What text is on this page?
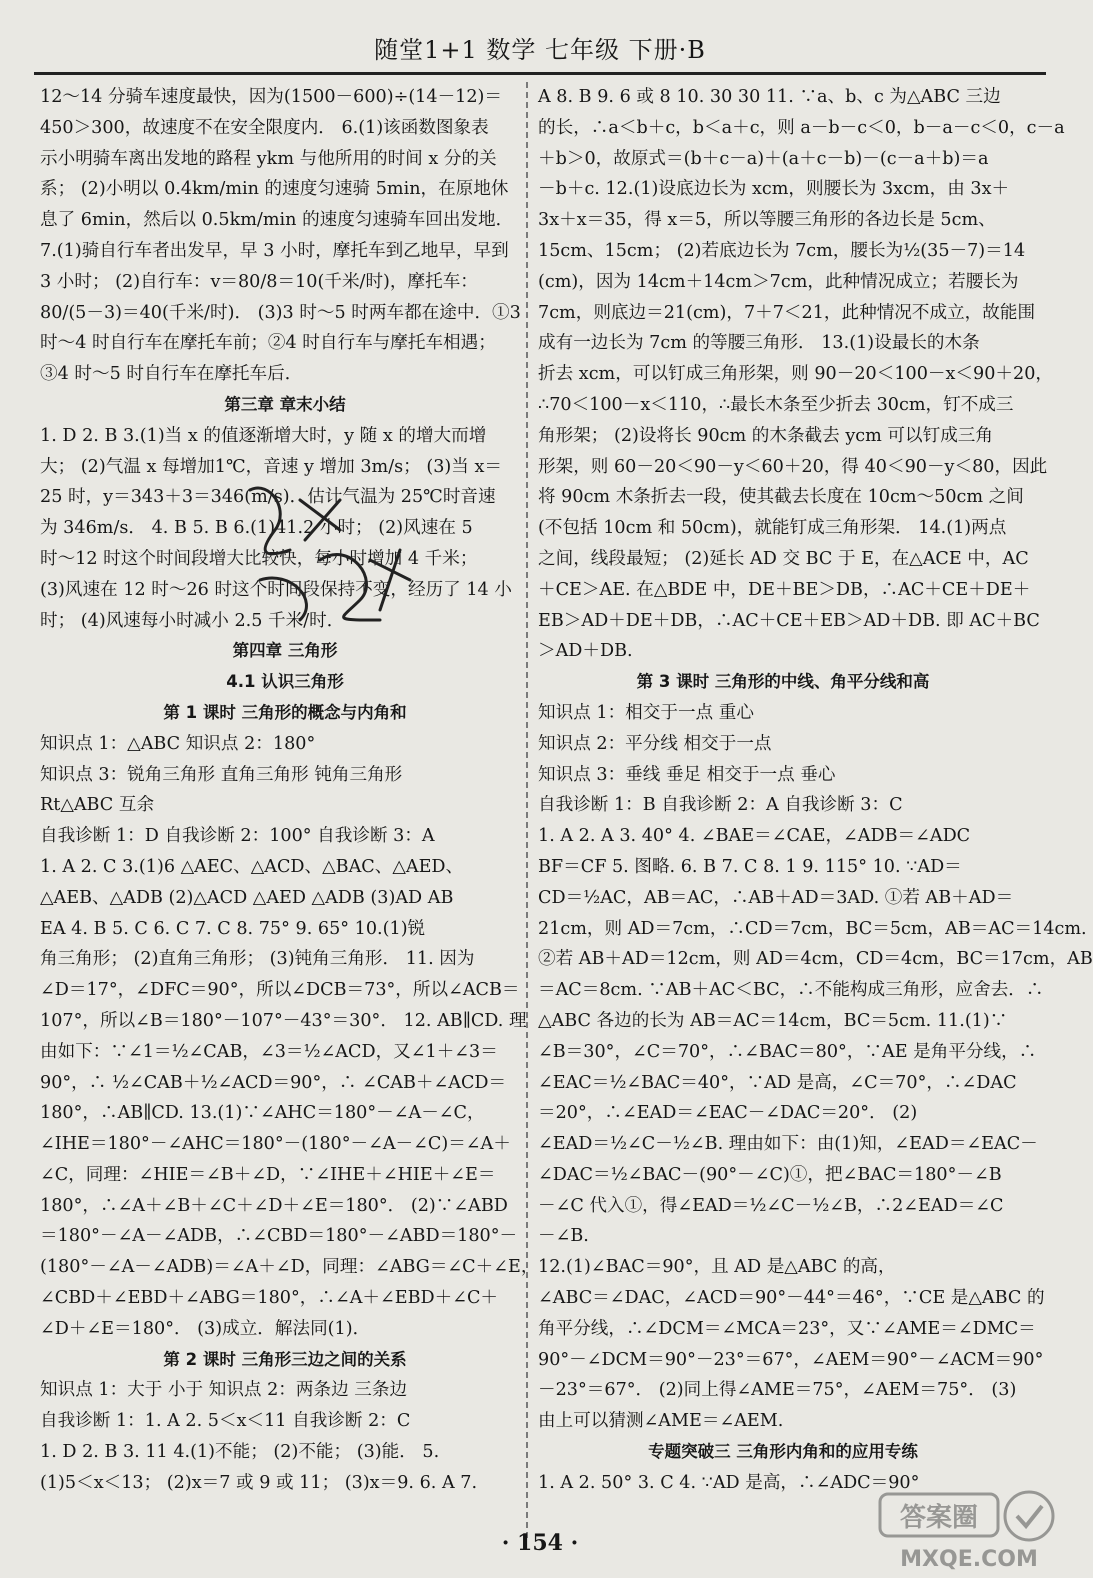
随堂1+1 数学 七年级 下册·B
12～14 分骑车速度最快，因为(1500－600)÷(14－12)＝
450＞300，故速度不在安全限度内． 6.(1)该函数图象表
示小明骑车离出发地的路程 ykm 与他所用的时间 x 分的关
系； (2)小明以 0.4km/min 的速度匀速骑 5min，在原地休
息了 6min，然后以 0.5km/min 的速度匀速骑车回出发地．
7.(1)骑自行车者出发早，早 3 小时，摩托车到乙地早，早到
3 小时； (2)自行车：v＝80/8＝10(千米/时)，摩托车：
80/(5－3)＝40(千米/时)． (3)3 时～5 时两车都在途中．①3
时～4 时自行车在摩托车前；②4 时自行车与摩托车相遇；
③4 时～5 时自行车在摩托车后．
第三章 章末小结
1. D 2. B 3.(1)当 x 的值逐渐增大时，y 随 x 的增大而增
大； (2)气温 x 每增加1℃，音速 y 增加 3m/s； (3)当 x＝
25 时，y＝343＋3＝346(m/s)．估计气温为 25℃时音速
为 346m/s． 4. B 5. B 6.(1)41.2 小时； (2)风速在 5
时～12 时这个时间段增大比较快，每小时增加 4 千米；
(3)风速在 12 时～26 时这个时间段保持不变，经历了 14 小
时； (4)风速每小时减小 2.5 千米/时．
第四章 三角形
4.1 认识三角形
第 1 课时 三角形的概念与内角和
知识点 1：△ABC 知识点 2：180°
知识点 3：锐角三角形 直角三角形 钝角三角形
Rt△ABC 互余
自我诊断 1：D 自我诊断 2：100° 自我诊断 3：A
1. A 2. C 3.(1)6 △AEC、△ACD、△BAC、△AED、
△AEB、△ADB (2)△ACD △AED △ADB (3)AD AB
EA 4. B 5. C 6. C 7. C 8. 75° 9. 65° 10.(1)锐
角三角形； (2)直角三角形； (3)钝角三角形． 11. 因为
∠D＝17°，∠DFC＝90°，所以∠DCB＝73°，所以∠ACB＝
107°，所以∠B＝180°－107°－43°＝30°． 12. AB∥CD. 理
由如下：∵∠1＝½∠CAB，∠3＝½∠ACD，又∠1＋∠3＝
90°，∴ ½∠CAB＋½∠ACD＝90°，∴ ∠CAB＋∠ACD＝
180°，∴AB∥CD. 13.(1)∵∠AHC＝180°－∠A－∠C，
∠IHE＝180°－∠AHC＝180°－(180°－∠A－∠C)＝∠A＋
∠C，同理：∠HIE＝∠B＋∠D，∵∠IHE＋∠HIE＋∠E＝
180°，∴∠A＋∠B＋∠C＋∠D＋∠E＝180°． (2)∵∠ABD
＝180°－∠A－∠ADB，∴∠CBD＝180°－∠ABD＝180°－
(180°－∠A－∠ADB)＝∠A＋∠D，同理：∠ABG＝∠C＋∠E，
∠CBD＋∠EBD＋∠ABG＝180°，∴∠A＋∠EBD＋∠C＋
∠D＋∠E＝180°． (3)成立．解法同(1)．
第 2 课时 三角形三边之间的关系
知识点 1：大于 小于 知识点 2：两条边 三条边
自我诊断 1：1. A 2. 5＜x＜11 自我诊断 2：C
1. D 2. B 3. 11 4.(1)不能； (2)不能； (3)能． 5.
(1)5＜x＜13； (2)x＝7 或 9 或 11； (3)x＝9. 6. A 7.
A 8. B 9. 6 或 8 10. 30 30 11. ∵a、b、c 为△ABC 三边
的长，∴a＜b＋c，b＜a＋c，则 a－b－c＜0，b－a－c＜0，c－a
＋b＞0，故原式＝(b＋c－a)＋(a＋c－b)－(c－a＋b)＝a
－b＋c. 12.(1)设底边长为 xcm，则腰长为 3xcm，由 3x＋
3x＋x＝35，得 x＝5，所以等腰三角形的各边长是 5cm、
15cm、15cm； (2)若底边长为 7cm，腰长为½(35－7)＝14
(cm)，因为 14cm＋14cm＞7cm，此种情况成立；若腰长为
7cm，则底边＝21(cm)，7＋7＜21，此种情况不成立，故能围
成有一边长为 7cm 的等腰三角形． 13.(1)设最长的木条
折去 xcm，可以钉成三角形架，则 90－20＜100－x＜90＋20，
∴70＜100－x＜110，∴最长木条至少折去 30cm，钉不成三
角形架； (2)设将长 90cm 的木条截去 ycm 可以钉成三角
形架，则 60－20＜90－y＜60＋20，得 40＜90－y＜80，因此
将 90cm 木条折去一段，使其截去长度在 10cm～50cm 之间
(不包括 10cm 和 50cm)，就能钉成三角形架． 14.(1)两点
之间，线段最短； (2)延长 AD 交 BC 于 E，在△ACE 中，AC
＋CE＞AE. 在△BDE 中，DE＋BE＞DB，∴AC＋CE＋DE＋
EB＞AD＋DE＋DB，∴AC＋CE＋EB＞AD＋DB. 即 AC＋BC
＞AD＋DB.
第 3 课时 三角形的中线、角平分线和高
知识点 1：相交于一点 重心
知识点 2：平分线 相交于一点
知识点 3：垂线 垂足 相交于一点 垂心
自我诊断 1：B 自我诊断 2：A 自我诊断 3：C
1. A 2. A 3. 40° 4. ∠BAE＝∠CAE，∠ADB＝∠ADC
BF＝CF 5. 图略. 6. B 7. C 8. 1 9. 115° 10. ∵AD＝
CD＝½AC，AB＝AC，∴AB＋AD＝3AD. ①若 AB＋AD＝
21cm，则 AD＝7cm，∴CD＝7cm，BC＝5cm，AB＝AC＝14cm.
②若 AB＋AD＝12cm，则 AD＝4cm，CD＝4cm，BC＝17cm，AB
＝AC＝8cm. ∵AB＋AC＜BC，∴不能构成三角形，应舍去．∴
△ABC 各边的长为 AB＝AC＝14cm，BC＝5cm. 11.(1)∵
∠B＝30°，∠C＝70°，∴∠BAC＝80°，∵AE 是角平分线，∴
∠EAC＝½∠BAC＝40°，∵AD 是高，∠C＝70°，∴∠DAC
＝20°，∴∠EAD＝∠EAC－∠DAC＝20°． (2)
∠EAD＝½∠C－½∠B. 理由如下：由(1)知，∠EAD＝∠EAC－
∠DAC＝½∠BAC－(90°－∠C)①，把∠BAC＝180°－∠B
－∠C 代入①，得∠EAD＝½∠C－½∠B，∴2∠EAD＝∠C
－∠B.
12.(1)∠BAC＝90°，且 AD 是△ABC 的高，
∠ABC＝∠DAC，∠ACD＝90°－44°＝46°，∵CE 是△ABC 的
角平分线，∴∠DCM＝∠MCA＝23°，又∵∠AME＝∠DMC＝
90°－∠DCM＝90°－23°＝67°，∠AEM＝90°－∠ACM＝90°
－23°＝67°． (2)同上得∠AME＝75°，∠AEM＝75°． (3)
由上可以猜测∠AME＝∠AEM.
专题突破三 三角形内角和的应用专练
1. A 2. 50° 3. C 4. ∵AD 是高，∴∠ADC＝90°
· 154 ·
答案圈
MXQE.COM
